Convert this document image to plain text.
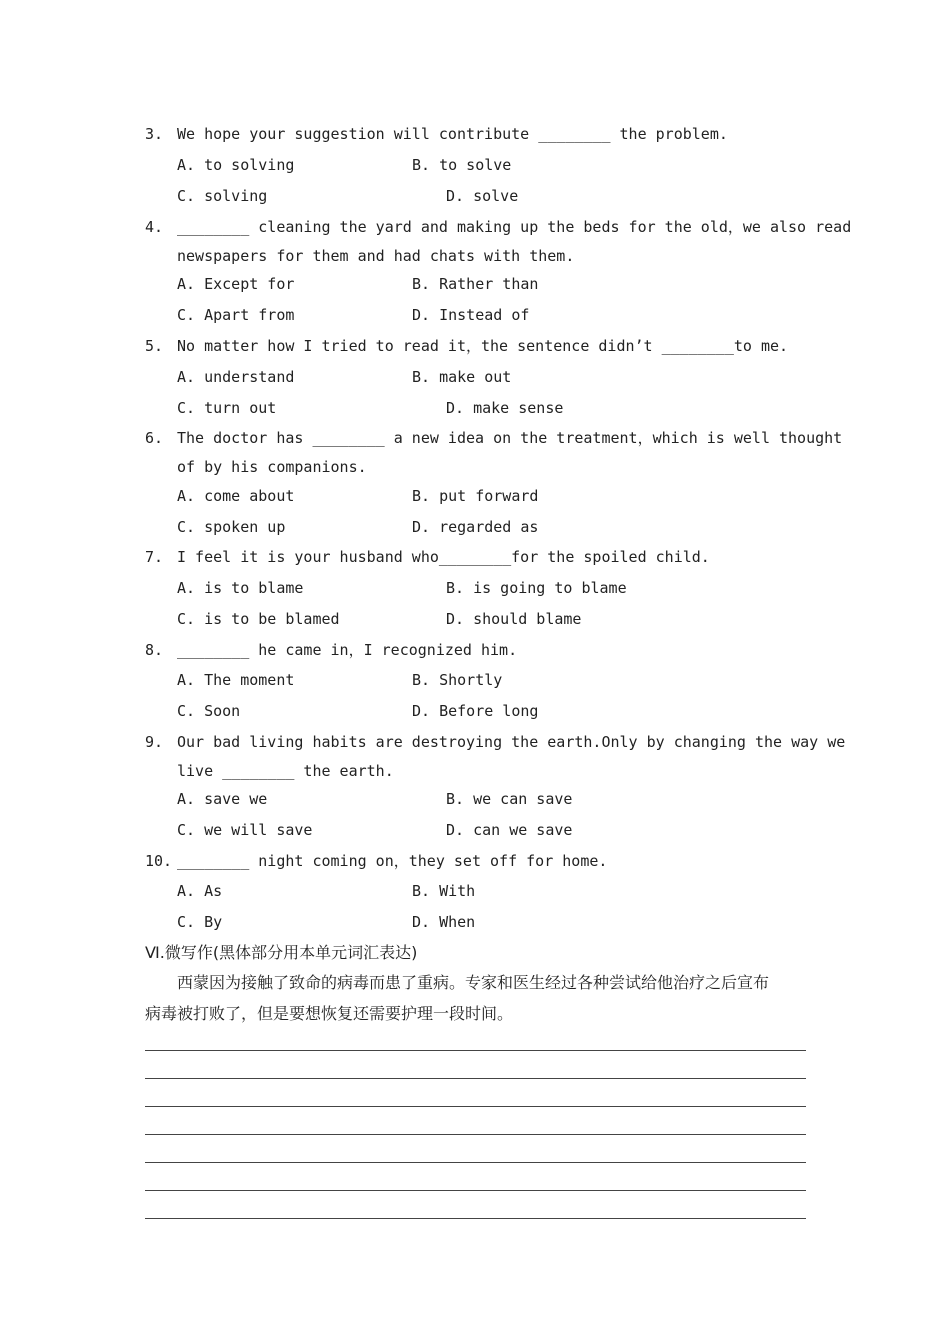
3. We hope your suggestion will contribute ________ the problem.
A. to solving	B. to solve
C. solving	D. solve
4. ________ cleaning the yard and making up the beds for the old，we also read
newspapers for them and had chats with them.
A. Except for	B. Rather than
C. Apart from	D. Instead of
5. No matter how I tried to read it，the sentence didn’t ________to me.
A. understand	B. make out
C. turn out	D. make sense
6. The doctor has ________ a new idea on the treatment，which is well thought
of by his companions.
A. come about	B. put forward
C. spoken up	D. regarded as
7. I feel it is your husband who________for the spoiled child.
A. is to blame	B. is going to blame
C. is to be blamed	D. should blame
8. ________ he came in，I recognized him.
A. The moment	B. Shortly
C. Soon	D. Before long
9. Our bad living habits are destroying the earth.Only by changing the way we
live ________ the earth.
A. save we	B. we can save
C. we will save	D. can we save
10. ________ night coming on，they set off for home.
A. As	B. With
C. By	D. When
Ⅵ.微写作(黑体部分用本单元词汇表达)
西蒙因为接触了致命的病毒而患了重病。专家和医生经过各种尝试给他治疗之后宣布
病毒被打败了，但是要想恢复还需要护理一段时间。
